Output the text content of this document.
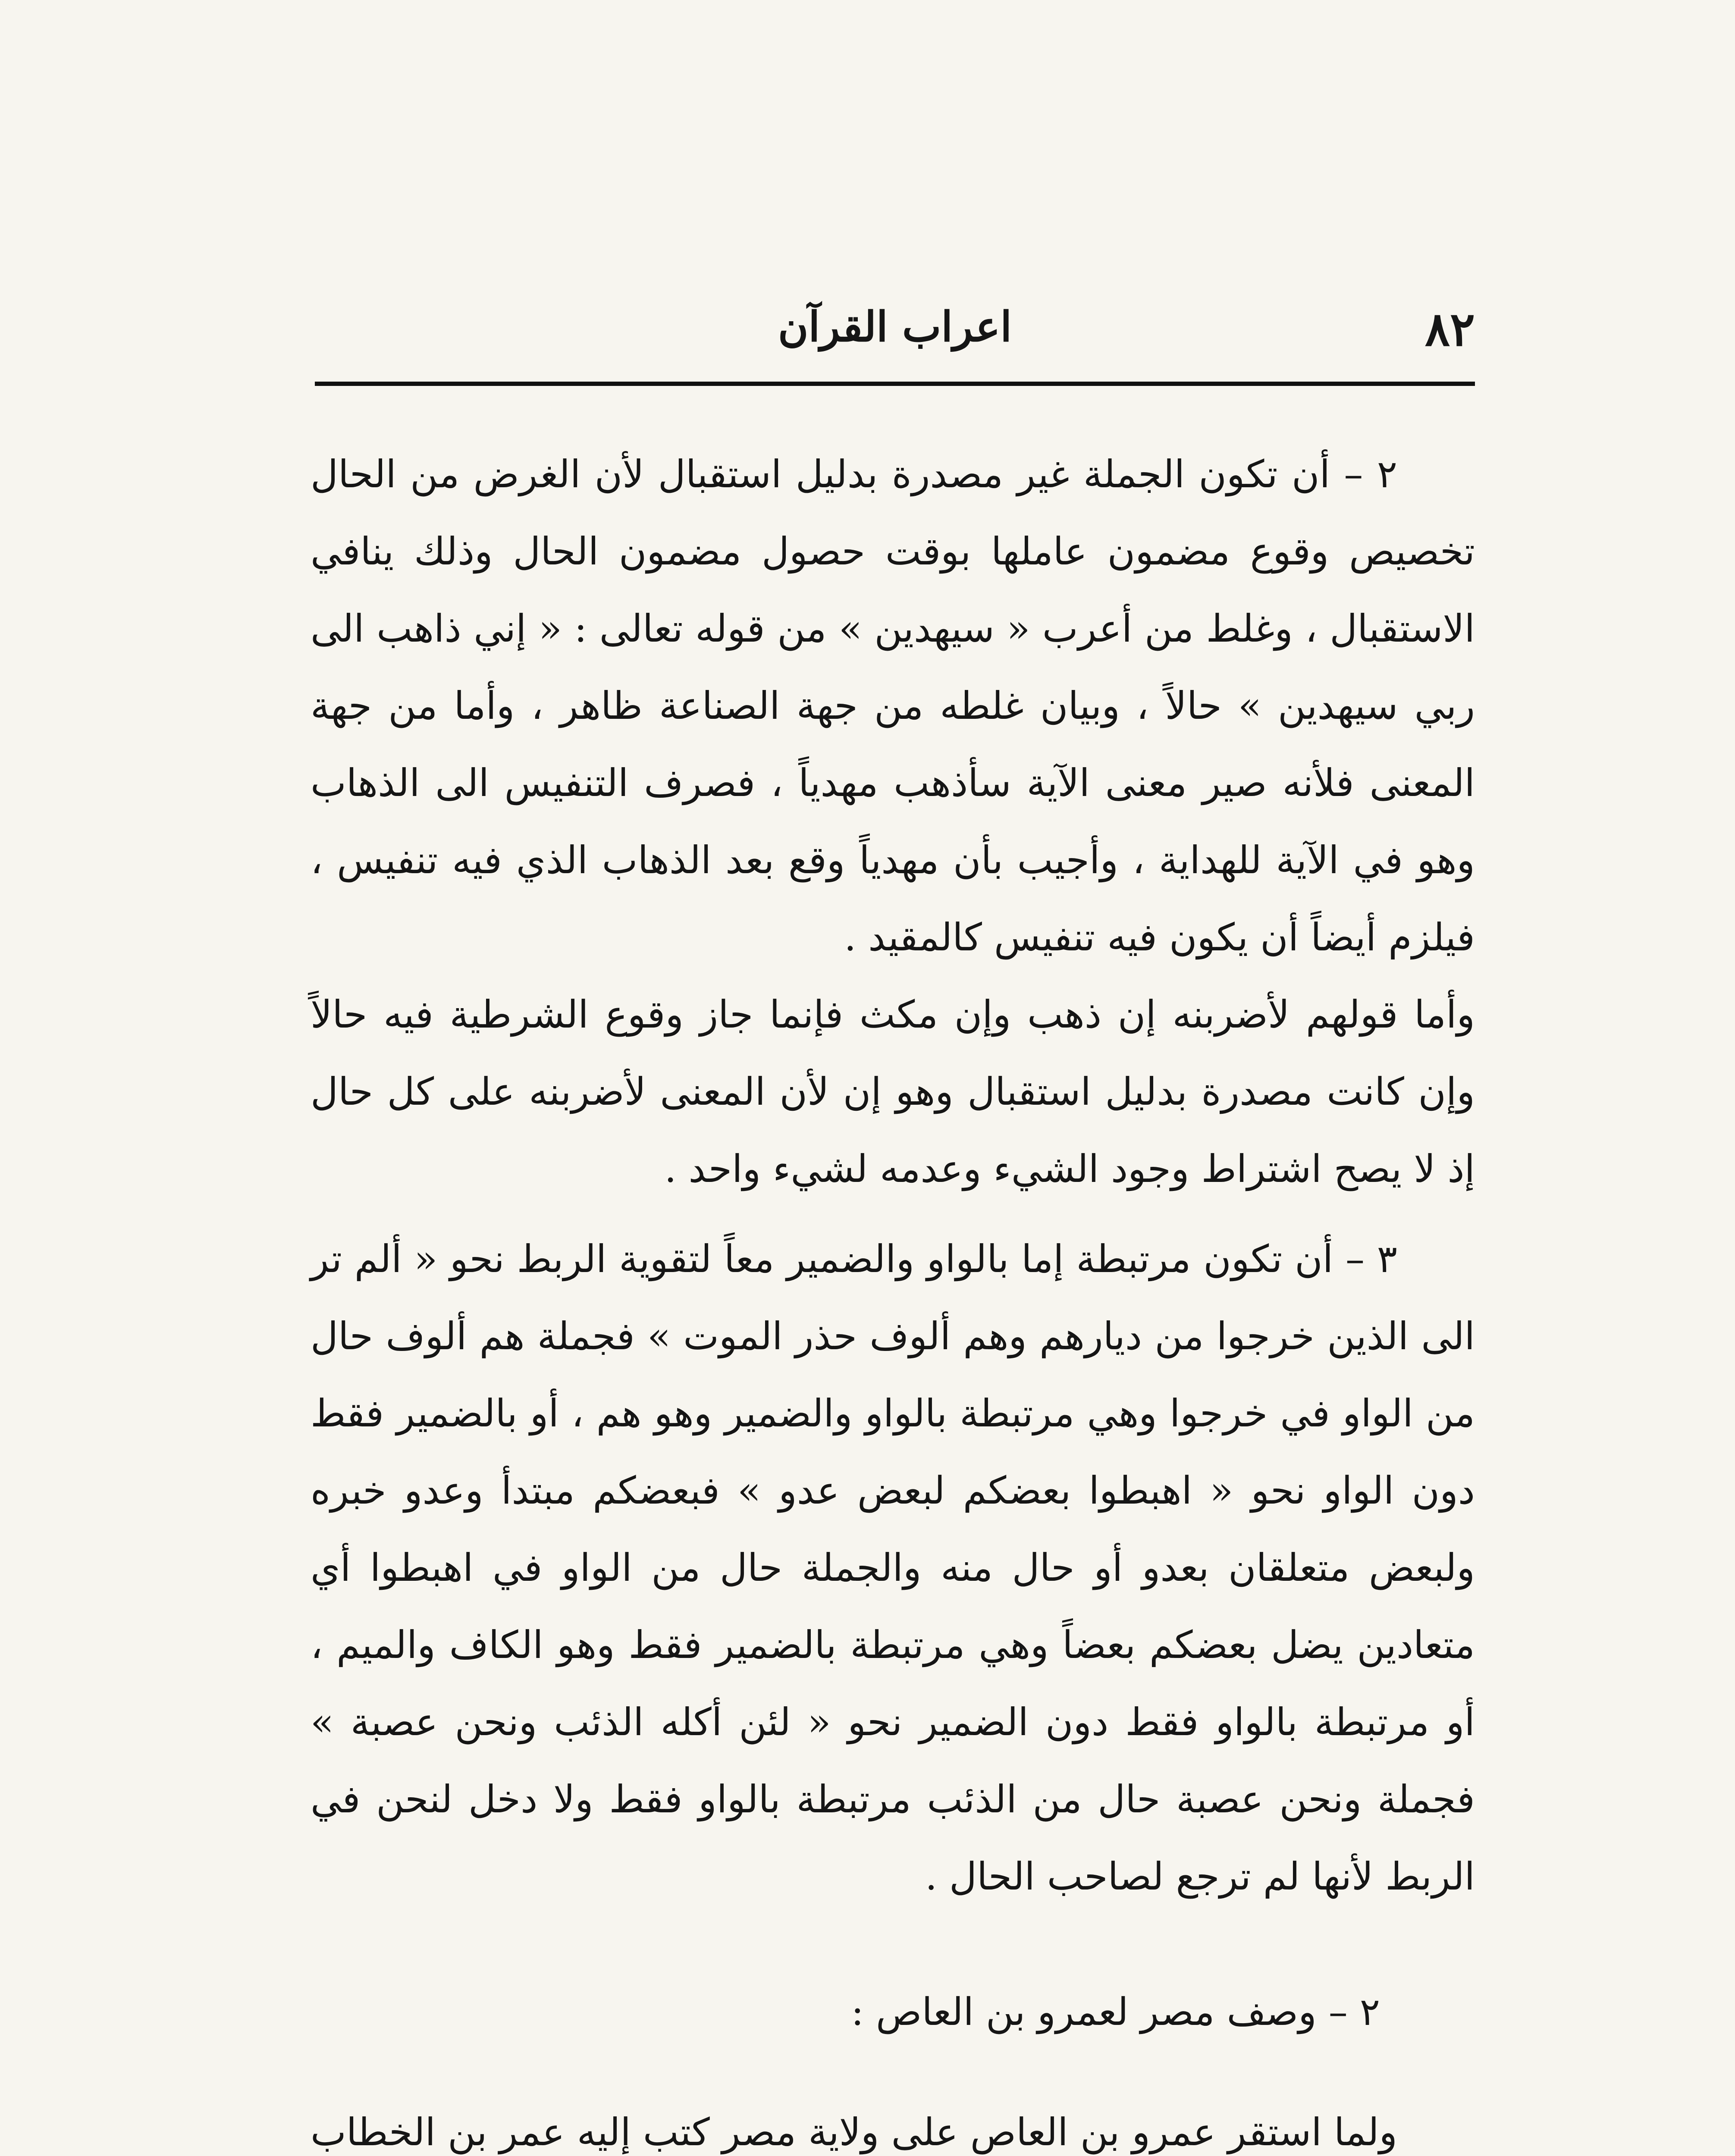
٨٢
اعراب القرآن

٢ – أن تكون الجملة غير مصدرة بدليل استقبال لأن الغرض من الحال تخصيص وقوع مضمون عاملها بوقت حصول مضمون الحال وذلك ينافي الاستقبال ، وغلط من أعرب « سيهدين » من قوله تعالى : « إني ذاهب الى ربي سيهدين » حالاً ، وبيان غلطه من جهة الصناعة ظاهر ، وأما من جهة المعنى فلأنه صير معنى الآية سأذهب مهدياً ، فصرف التنفيس الى الذهاب وهو في الآية للهداية ، وأجيب بأن مهدياً وقع بعد الذهاب الذي فيه تنفيس ، فيلزم أيضاً أن يكون فيه تنفيس كالمقيد .

وأما قولهم لأضربنه إن ذهب وإن مكث فإنما جاز وقوع الشرطية فيه حالاً وإن كانت مصدرة بدليل استقبال وهو إن لأن المعنى لأضربنه على كل حال إذ لا يصح اشتراط وجود الشيء وعدمه لشيء واحد .

٣ – أن تكون مرتبطة إما بالواو والضمير معاً لتقوية الربط نحو « ألم تر الى الذين خرجوا من ديارهم وهم ألوف حذر الموت » فجملة هم ألوف حال من الواو في خرجوا وهي مرتبطة بالواو والضمير وهو هم ، أو بالضمير فقط دون الواو نحو « اهبطوا بعضكم لبعض عدو » فبعضكم مبتدأ وعدو خبره ولبعض متعلقان بعدو أو حال منه والجملة حال من الواو في اهبطوا أي متعادين يضل بعضكم بعضاً وهي مرتبطة بالضمير فقط وهو الكاف والميم ، أو مرتبطة بالواو فقط دون الضمير نحو « لئن أكله الذئب ونحن عصبة » فجملة ونحن عصبة حال من الذئب مرتبطة بالواو فقط ولا دخل لنحن في الربط لأنها لم ترجع لصاحب الحال .

٢ – وصف مصر لعمرو بن العاص :

ولما استقر عمرو بن العاص على ولاية مصر كتب إليه عمر بن الخطاب
